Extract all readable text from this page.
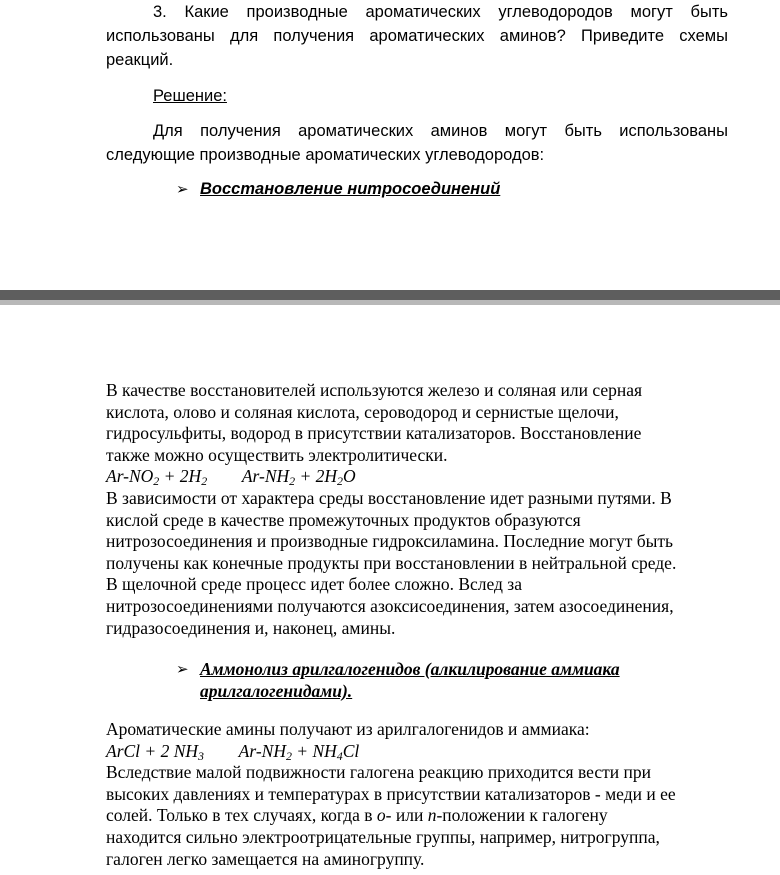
3. Какие производные ароматических углеводородов могут быть использованы для получения ароматических аминов? Приведите схемы реакций.

Решение:

Для получения ароматических аминов могут быть использованы следующие производные ароматических углеводородов:

➢ Восстановление нитросоединений

В качестве восстановителей используются железо и соляная или серная
кислота, олово и соляная кислота, сероводород и сернистые щелочи,
гидросульфиты, водород в присутствии катализаторов. Восстановление
также можно осуществить электролитически.
$Ar-NO_2 + 2H_2$        $Ar-NH_2 + 2H_2O$
В зависимости от характера среды восстановление идет разными путями. В
кислой среде в качестве промежуточных продуктов образуются
нитрозосоединения и производные гидроксиламина. Последние могут быть
получены как конечные продукты при восстановлении в нейтральной среде.
В щелочной среде процесс идет более сложно. Вслед за
нитрозосоединениями получаются азоксисоединения, затем азосоединения,
гидразосоединения и, наконец, амины.
➢ Аммонолиз арилгалогенидов (алкилирование аммиака
арилгалогенидами).
Ароматические амины получают из арилгалогенидов и аммиака:
ArCl + 2 $NH_3$        $Ar-NH_2 + NH_4Cl$
Вследствие малой подвижности галогена реакцию приходится вести при
высоких давлениях и температурах в присутствии катализаторов - меди и ее
солей. Только в тех случаях, когда в о- или п-положении к галогену
находится сильно электроотрицательные группы, например, нитрогруппа,
галоген легко замещается на аминогруппу.
